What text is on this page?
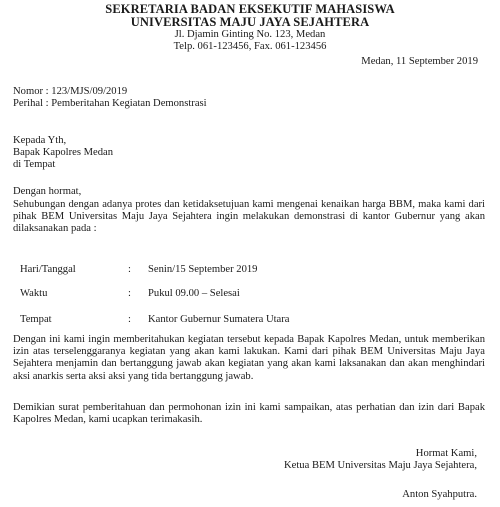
SEKRETARIA BADAN EKSEKUTIF MAHASISWA
UNIVERSITAS MAJU JAYA SEJAHTERA
Jl. Djamin Ginting No. 123, Medan
Telp. 061-123456, Fax. 061-123456
Medan, 11 September 2019
Nomor : 123/MJS/09/2019
Perihal : Pemberitahan Kegiatan Demonstrasi
Kepada Yth,
Bapak Kapolres Medan
di Tempat
Dengan hormat,
Sehubungan dengan adanya protes dan ketidaksetujuan kami mengenai kenaikan harga BBM, maka kami dari pihak BEM Universitas Maju Jaya Sejahtera ingin melakukan demonstrasi di kantor Gubernur yang akan dilaksanakan pada :
Hari/Tanggal	: Senin/15 September 2019
Waktu	: Pukul 09.00 – Selesai
Tempat	: Kantor Gubernur Sumatera Utara
Dengan ini kami ingin memberitahukan kegiatan tersebut kepada Bapak Kapolres Medan, untuk memberikan izin atas terselenggaranya kegiatan yang akan kami lakukan. Kami dari pihak BEM Universitas Maju Jaya Sejahtera menjamin dan bertanggung jawab akan kegiatan yang akan kami laksanakan dan akan menghindari aksi anarkis serta aksi aksi yang tida bertanggung jawab.
Demikian surat pemberitahuan dan permohonan izin ini kami sampaikan, atas perhatian dan izin dari Bapak Kapolres Medan, kami ucapkan terimakasih.
Hormat Kami,
Ketua BEM Universitas Maju Jaya Sejahtera,
Anton Syahputra.
